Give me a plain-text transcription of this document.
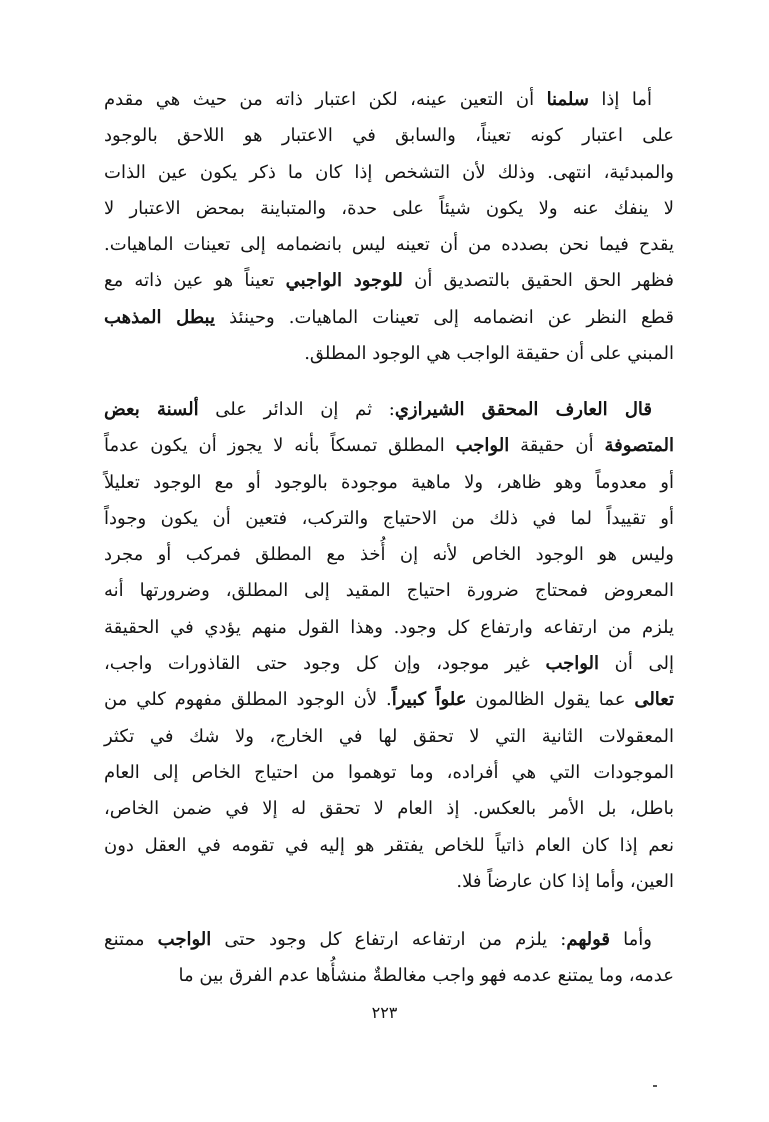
أما إذا سلمنا أن التعين عينه، لكن اعتبار ذاته من حيث هي مقدم
على اعتبار كونه تعيناً، والسابق في الاعتبار هو اللاحق بالوجود
والمبدئية، انتهى. وذلك لأن التشخص إذا كان ما ذكر يكون عين الذات
لا ينفك عنه ولا يكون شيئاً على حدة، والمتباينة بمحض الاعتبار لا
يقدح فيما نحن بصدده من أن تعينه ليس بانضمامه إلى تعينات الماهيات.
فظهر الحق الحقيق بالتصديق أن للوجود الواجبي تعيناً هو عين ذاته مع
قطع النظر عن انضمامه إلى تعينات الماهيات. وحينئذ يبطل المذهب
المبني على أن حقيقة الواجب هي الوجود المطلق.
قال العارف المحقق الشيرازي: ثم إن الدائر على ألسنة بعض
المتصوفة أن حقيقة الواجب المطلق تمسكاً بأنه لا يجوز أن يكون عدماً
أو معدوماً وهو ظاهر، ولا ماهية موجودة بالوجود أو مع الوجود تعليلاً
أو تقييداً لما في ذلك من الاحتياج والتركب، فتعين أن يكون وجوداً
وليس هو الوجود الخاص لأنه إن أُخذ مع المطلق فمركب أو مجرد
المعروض فمحتاج ضرورة احتياج المقيد إلى المطلق، وضرورتها أنه
يلزم من ارتفاعه وارتفاع كل وجود. وهذا القول منهم يؤدي في الحقيقة
إلى أن الواجب غير موجود، وإن كل وجود حتى القاذورات واجب،
تعالى عما يقول الظالمون علواً كبيراً. لأن الوجود المطلق مفهوم كلي من
المعقولات الثانية التي لا تحقق لها في الخارج، ولا شك في تكثر
الموجودات التي هي أفراده، وما توهموا من احتياج الخاص إلى العام
باطل، بل الأمر بالعكس. إذ العام لا تحقق له إلا في ضمن الخاص،
نعم إذا كان العام ذاتياً للخاص يفتقر هو إليه في تقومه في العقل دون
العين، وأما إذا كان عارضاً فلا.
وأما قولهم: يلزم من ارتفاعه ارتفاع كل وجود حتى الواجب ممتنع
عدمه، وما يمتنع عدمه فهو واجب مغالطةٌ منشأُها عدم الفرق بين ما
٢٢٣
